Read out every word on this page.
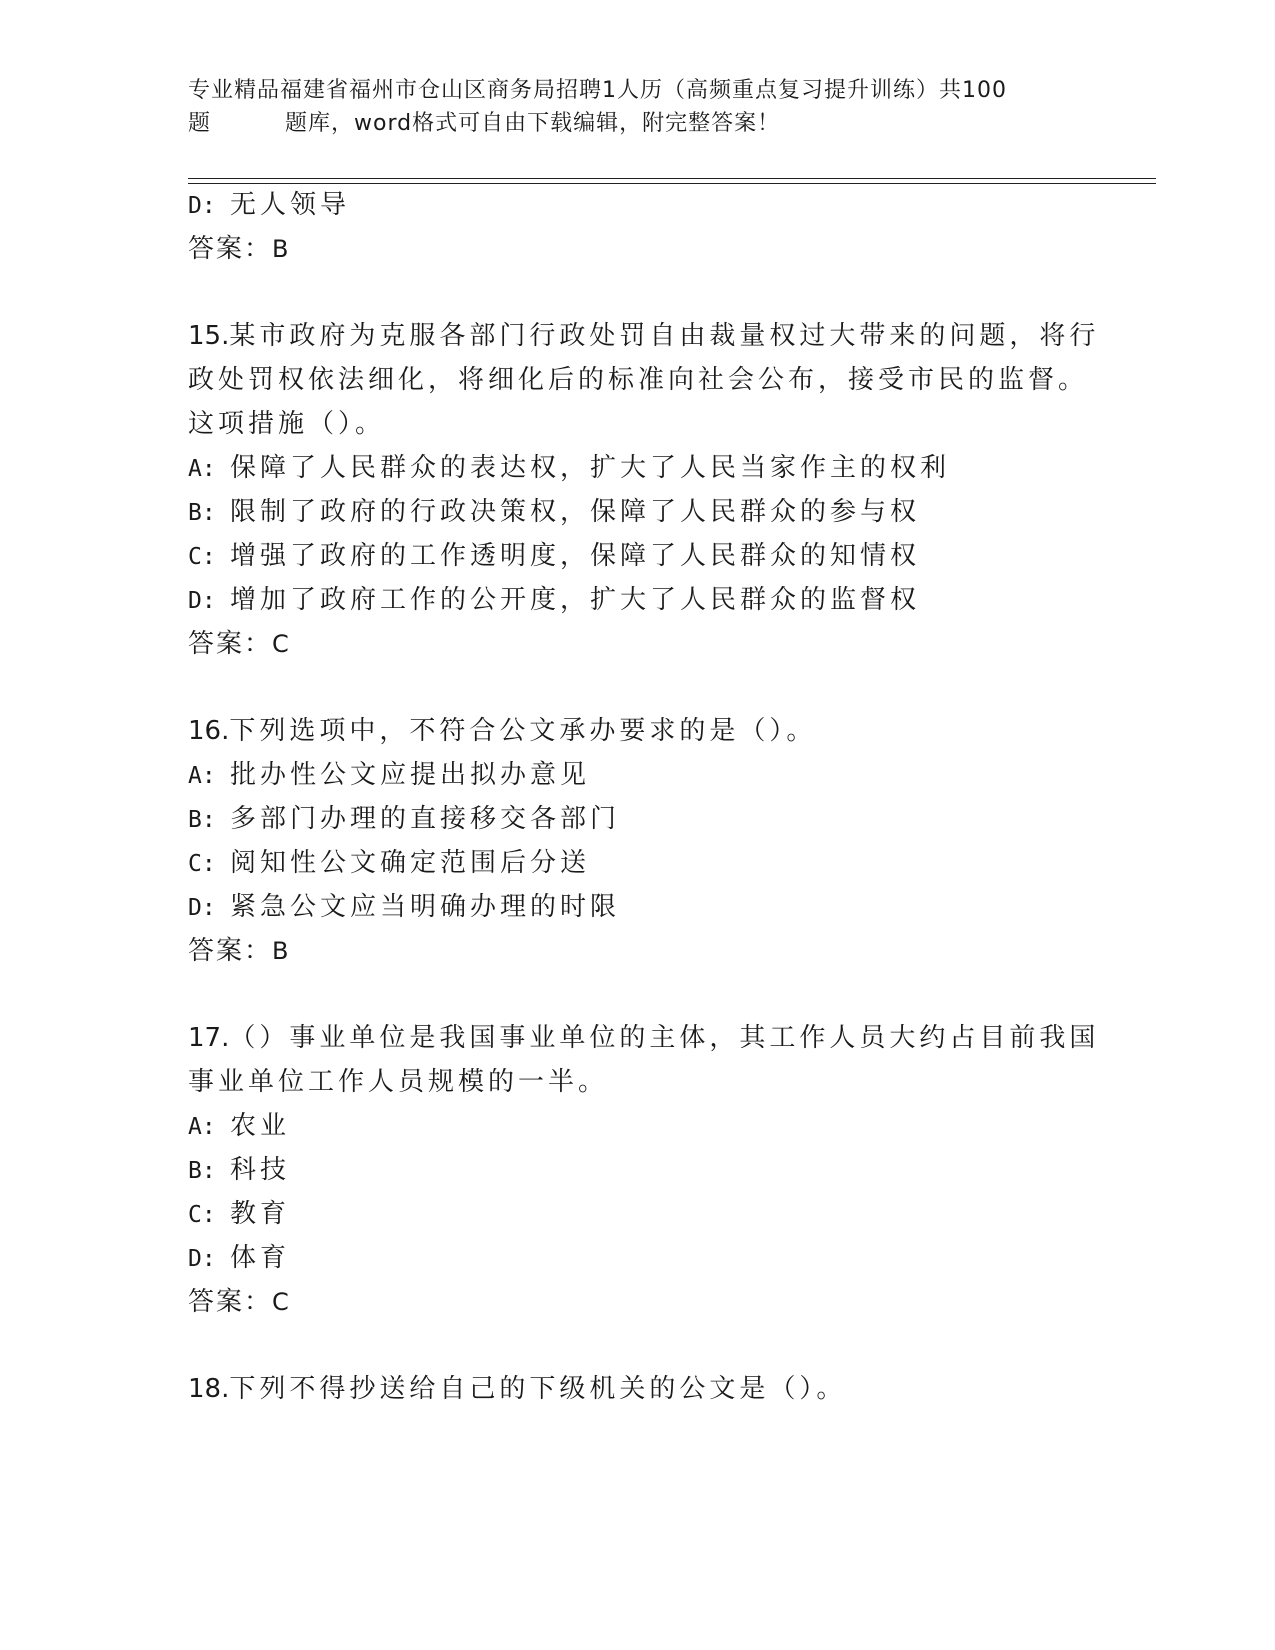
专业精品福建省福州市仓山区商务局招聘1人历（高频重点复习提升训练）共100

题	题库，word格式可自由下载编辑，附完整答案！
D: 无人领导
答案：B
15.某市政府为克服各部门行政处罚自由裁量权过大带来的问题，将行
政处罚权依法细化，将细化后的标准向社会公布，接受市民的监督。
这项措施（）。
A: 保障了人民群众的表达权，扩大了人民当家作主的权利
B: 限制了政府的行政决策权，保障了人民群众的参与权
C: 增强了政府的工作透明度，保障了人民群众的知情权
D: 增加了政府工作的公开度，扩大了人民群众的监督权
答案：C
16.下列选项中，不符合公文承办要求的是（）。
A: 批办性公文应提出拟办意见
B: 多部门办理的直接移交各部门
C: 阅知性公文确定范围后分送
D: 紧急公文应当明确办理的时限
答案：B
17.（）事业单位是我国事业单位的主体，其工作人员大约占目前我国
事业单位工作人员规模的一半。
A: 农业
B: 科技
C: 教育
D: 体育
答案：C
18.下列不得抄送给自己的下级机关的公文是（）。
